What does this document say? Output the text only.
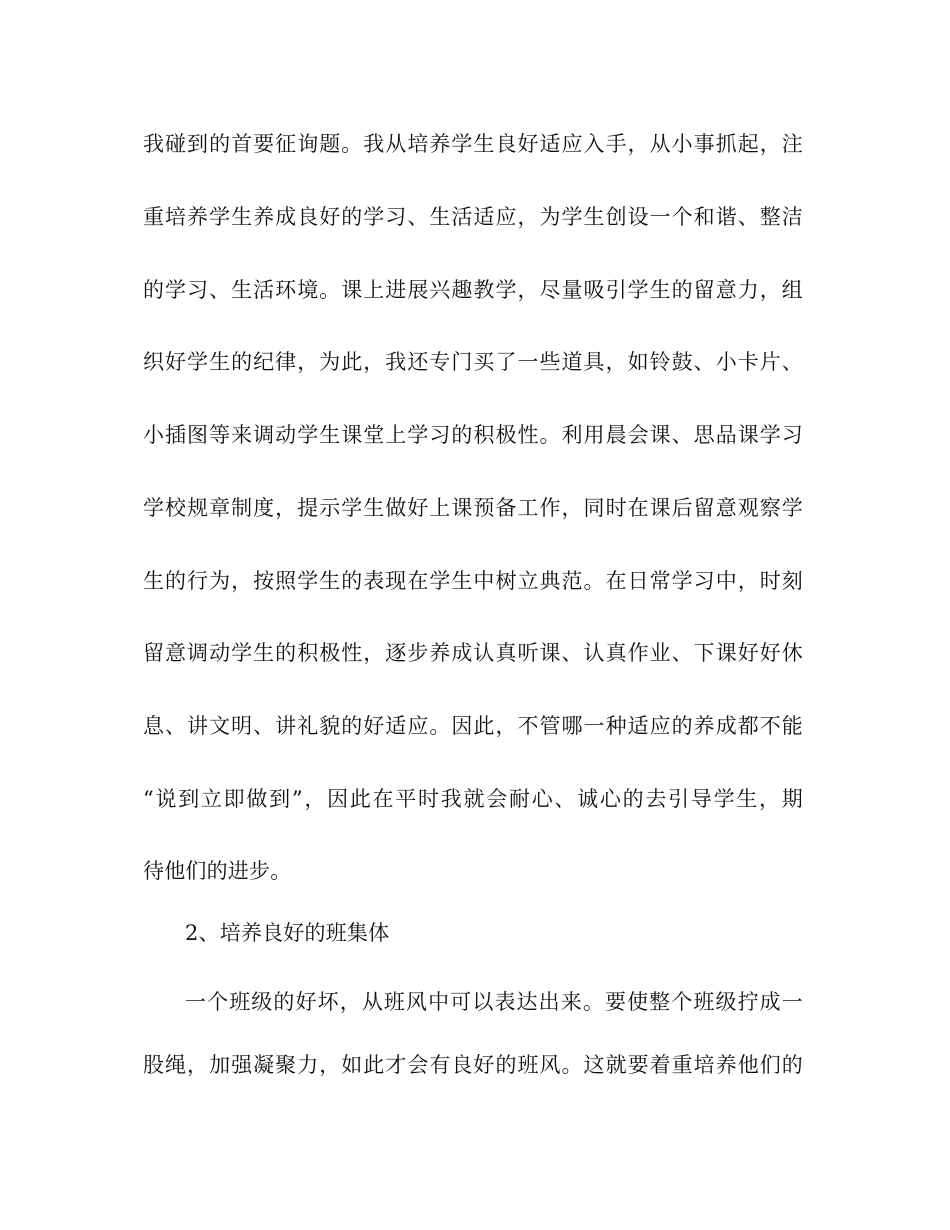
我碰到的首要征询题。我从培养学生良好适应入手，从小事抓起，注
重培养学生养成良好的学习、生活适应，为学生创设一个和谐、整洁
的学习、生活环境。课上进展兴趣教学，尽量吸引学生的留意力，组
织好学生的纪律，为此，我还专门买了一些道具，如铃鼓、小卡片、
小插图等来调动学生课堂上学习的积极性。利用晨会课、思品课学习
学校规章制度，提示学生做好上课预备工作，同时在课后留意观察学
生的行为，按照学生的表现在学生中树立典范。在日常学习中，时刻
留意调动学生的积极性，逐步养成认真听课、认真作业、下课好好休
息、讲文明、讲礼貌的好适应。因此，不管哪一种适应的养成都不能
“说到立即做到”，因此在平时我就会耐心、诚心的去引导学生，期
待他们的进步。
2、培养良好的班集体
一个班级的好坏，从班风中可以表达出来。要使整个班级拧成一
股绳，加强凝聚力，如此才会有良好的班风。这就要着重培养他们的
